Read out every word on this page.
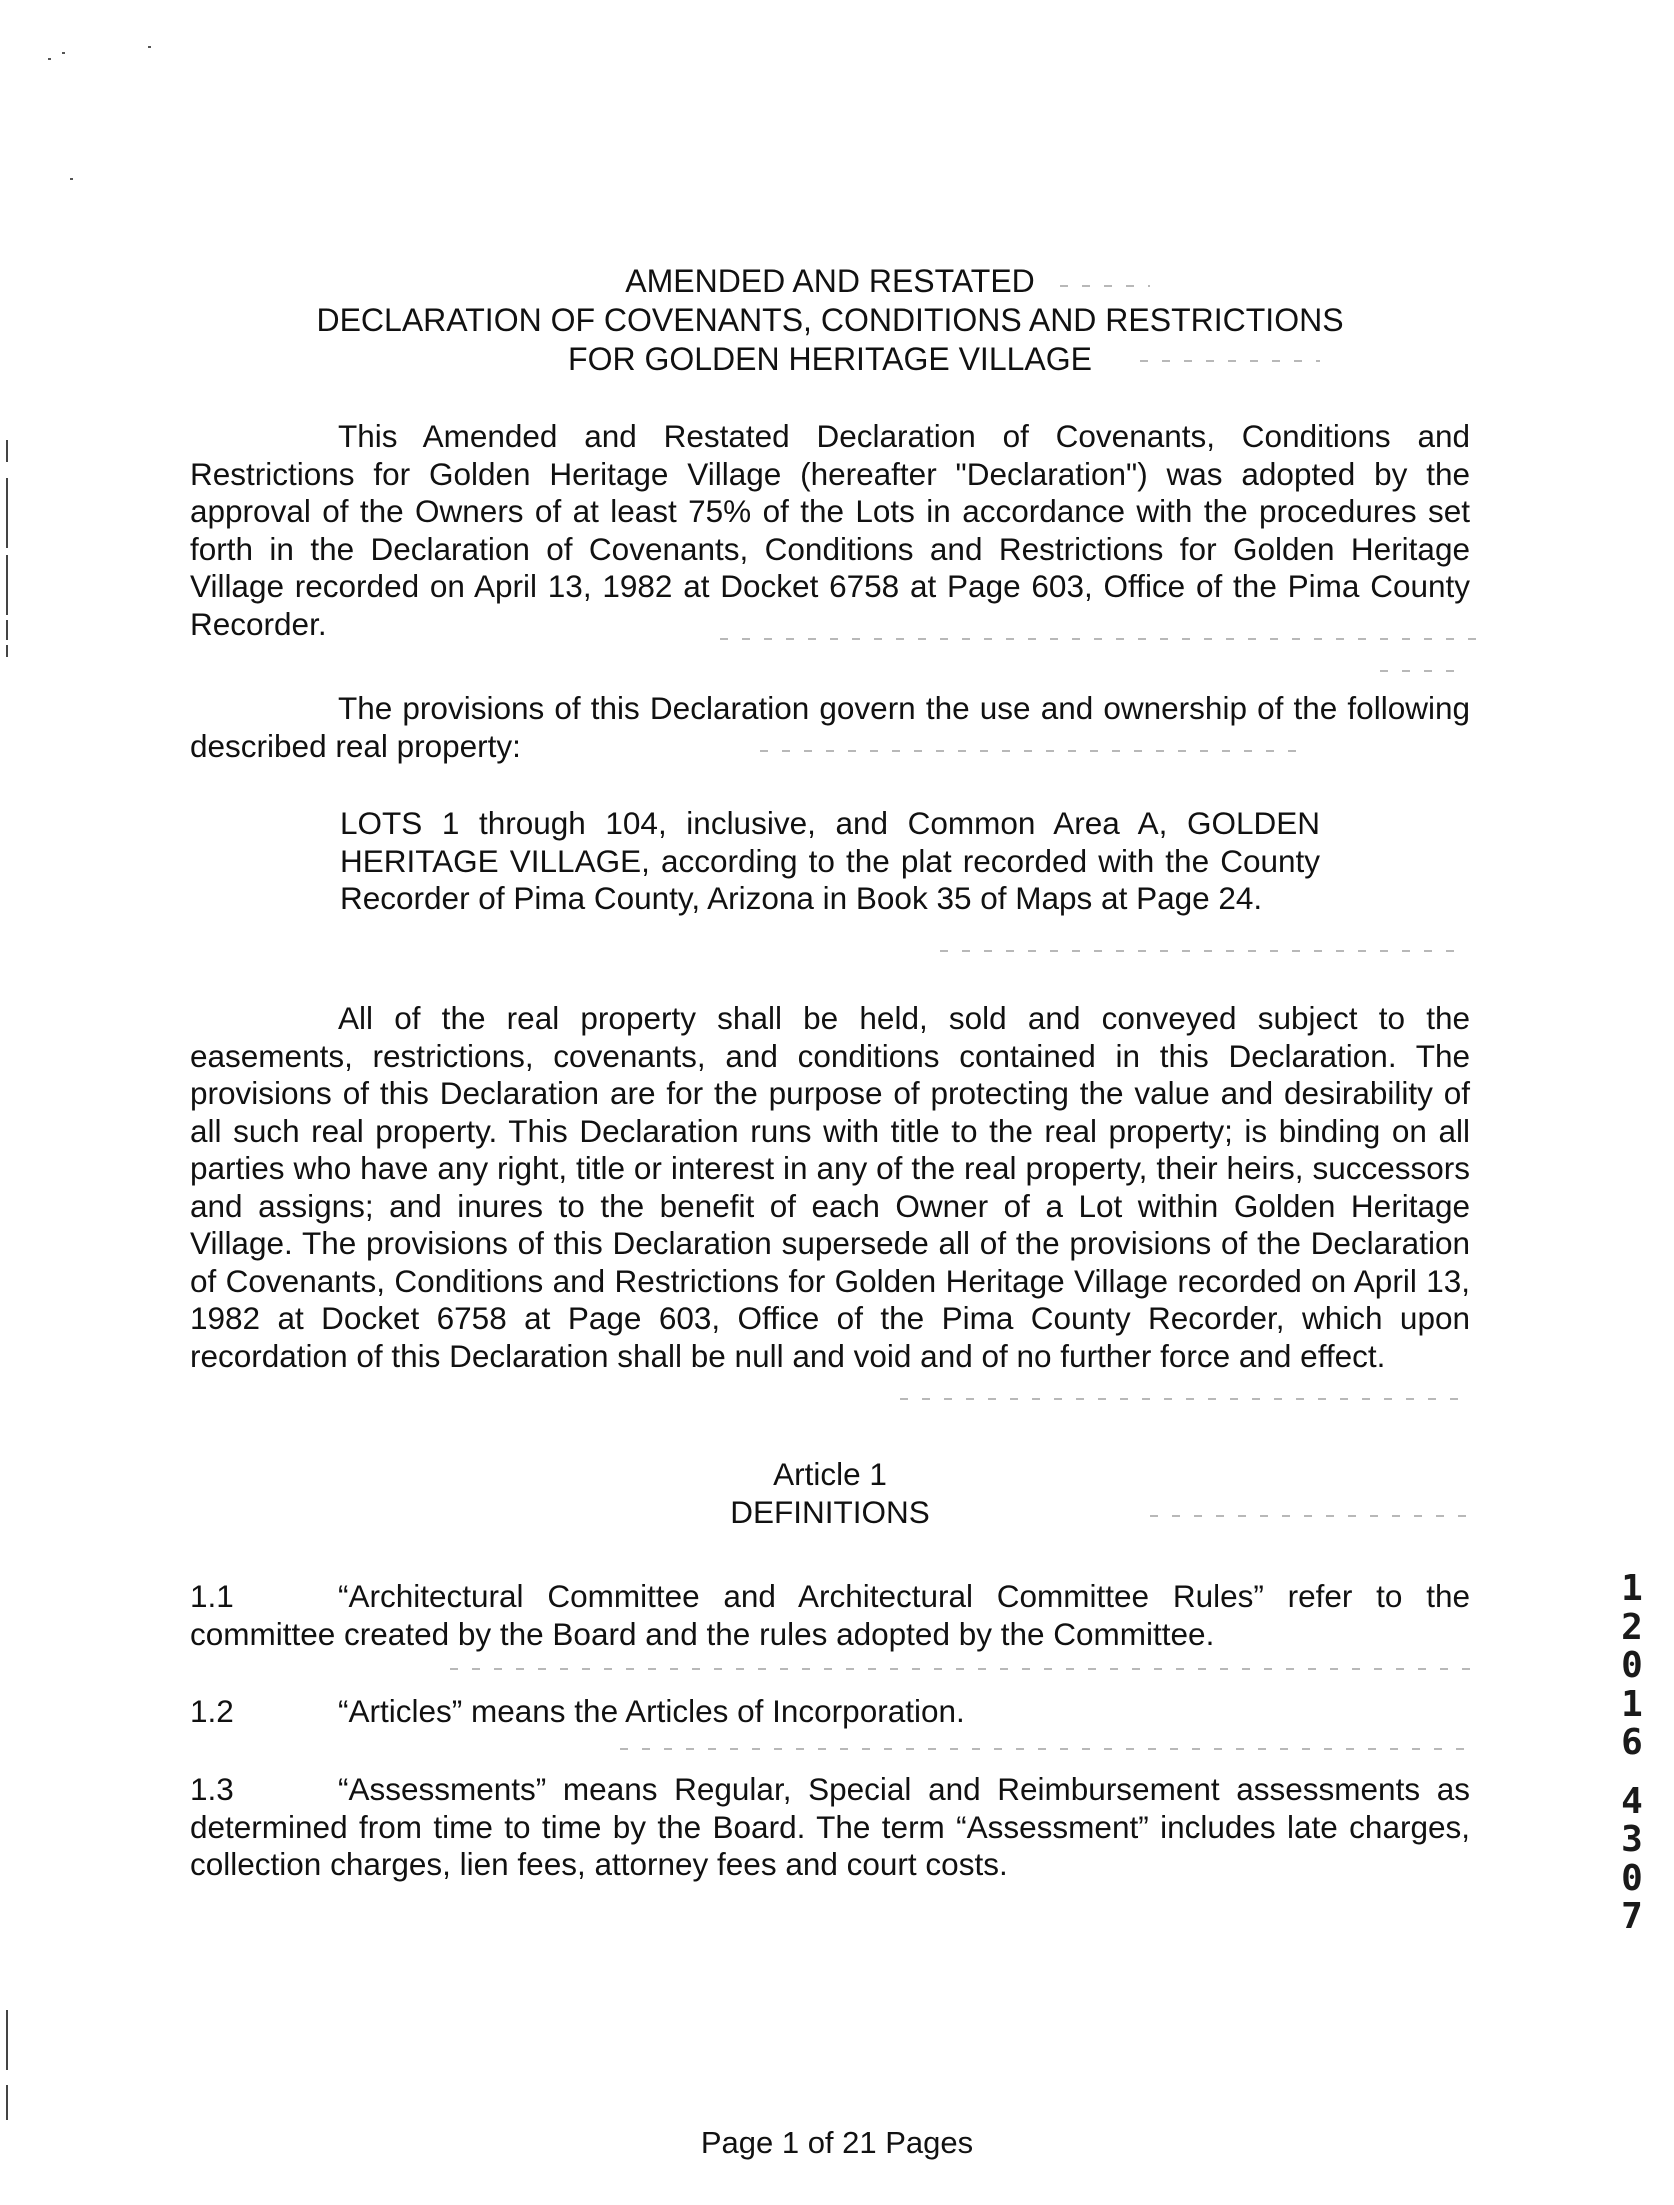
AMENDED AND RESTATED
DECLARATION OF COVENANTS, CONDITIONS AND RESTRICTIONS
FOR GOLDEN HERITAGE VILLAGE

This Amended and Restated Declaration of Covenants, Conditions and Restrictions for Golden Heritage Village (hereafter "Declaration") was adopted by the approval of the Owners of at least 75% of the Lots in accordance with the procedures set forth in the Declaration of Covenants, Conditions and Restrictions for Golden Heritage Village recorded on April 13, 1982 at Docket 6758 at Page 603, Office of the Pima County Recorder.

The provisions of this Declaration govern the use and ownership of the following described real property:

LOTS 1 through 104, inclusive, and Common Area A, GOLDEN HERITAGE VILLAGE, according to the plat recorded with the County Recorder of Pima County, Arizona in Book 35 of Maps at Page 24.

All of the real property shall be held, sold and conveyed subject to the easements, restrictions, covenants, and conditions contained in this Declaration. The provisions of this Declaration are for the purpose of protecting the value and desirability of all such real property. This Declaration runs with title to the real property; is binding on all parties who have any right, title or interest in any of the real property, their heirs, successors and assigns; and inures to the benefit of each Owner of a Lot within Golden Heritage Village. The provisions of this Declaration supersede all of the provisions of the Declaration of Covenants, Conditions and Restrictions for Golden Heritage Village recorded on April 13, 1982 at Docket 6758 at Page 603, Office of the Pima County Recorder, which upon recordation of this Declaration shall be null and void and of no further force and effect.

Article 1
DEFINITIONS

1.1	“Architectural Committee and Architectural Committee Rules” refer to the committee created by the Board and the rules adopted by the Committee.

1.2	“Articles” means the Articles of Incorporation.

1.3	“Assessments” means Regular, Special and Reimbursement assessments as determined from time to time by the Board. The term “Assessment” includes late charges, collection charges, lien fees, attorney fees and court costs.

1
2
0
1
6
4
3
0
7
Page 1 of 21 Pages
